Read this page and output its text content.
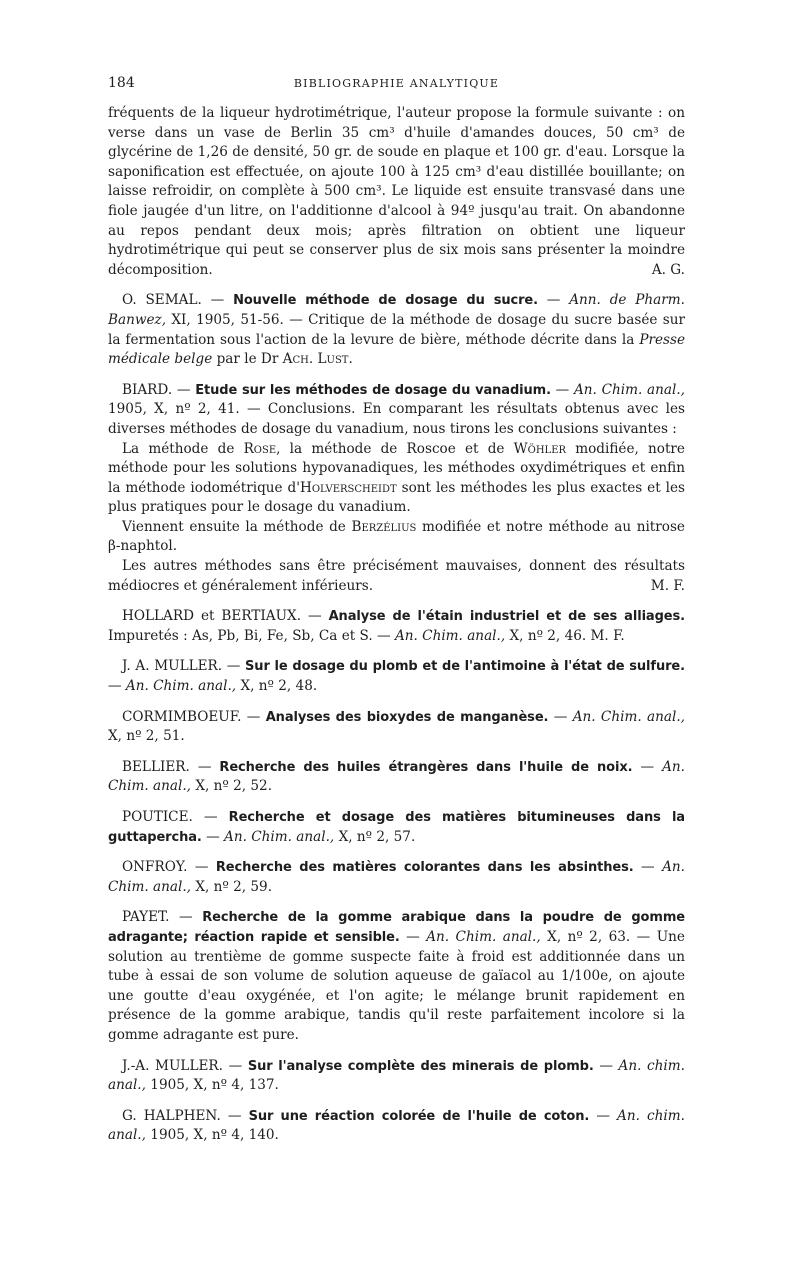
184	BIBLIOGRAPHIE ANALYTIQUE

fréquents de la liqueur hydrotimétrique, l'auteur propose la formule suivante : on verse dans un vase de Berlin 35 cm³ d'huile d'amandes douces, 50 cm³ de glycérine de 1,26 de densité, 50 gr. de soude en plaque et 100 gr. d'eau. Lorsque la saponification est effectuée, on ajoute 100 à 125 cm³ d'eau distillée bouillante; on laisse refroidir, on complète à 500 cm³. Le liquide est ensuite transvasé dans une fiole jaugée d'un litre, on l'additionne d'alcool à 94º jusqu'au trait. On abandonne au repos pendant deux mois; après filtration on obtient une liqueur hydrotimétrique qui peut se conserver plus de six mois sans présenter la moindre décomposition.	A. G.

O. SEMAL. — Nouvelle méthode de dosage du sucre. — Ann. de Pharm. Banwez, XI, 1905, 51-56. — Critique de la méthode de dosage du sucre basée sur la fermentation sous l'action de la levure de bière, méthode décrite dans la Presse médicale belge par le Dr Ach. Lust.

BIARD. — Etude sur les méthodes de dosage du vanadium. — An. Chim. anal., 1905, X, nº 2, 41. — Conclusions. En comparant les résultats obtenus avec les diverses méthodes de dosage du vanadium, nous tirons les conclusions suivantes :

La méthode de Rose, la méthode de Roscoe et de Wöhler modifiée, notre méthode pour les solutions hypovanadiques, les méthodes oxydimétriques et enfin la méthode iodométrique d'Holverscheidt sont les méthodes les plus exactes et les plus pratiques pour le dosage du vanadium.

Viennent ensuite la méthode de Berzélius modifiée et notre méthode au nitrose β-naphtol.

Les autres méthodes sans être précisément mauvaises, donnent des résultats médiocres et généralement inférieurs.	M. F.

HOLLARD et BERTIAUX. — Analyse de l'étain industriel et de ses alliages. Impuretés : As, Pb, Bi, Fe, Sb, Ca et S. — An. Chim. anal., X, nº 2, 46. M. F.

J. A. MULLER. — Sur le dosage du plomb et de l'antimoine à l'état de sulfure. — An. Chim. anal., X, nº 2, 48.

CORMIMBOEUF. — Analyses des bioxydes de manganèse. — An. Chim. anal., X, nº 2, 51.

BELLIER. — Recherche des huiles étrangères dans l'huile de noix. — An. Chim. anal., X, nº 2, 52.

POUTICE. — Recherche et dosage des matières bitumineuses dans la guttapercha. — An. Chim. anal., X, nº 2, 57.

ONFROY. — Recherche des matières colorantes dans les absinthes. — An. Chim. anal., X, nº 2, 59.

PAYET. — Recherche de la gomme arabique dans la poudre de gomme adragante; réaction rapide et sensible. — An. Chim. anal., X, nº 2, 63. — Une solution au trentième de gomme suspecte faite à froid est additionnée dans un tube à essai de son volume de solution aqueuse de gaïacol au 1/100e, on ajoute une goutte d'eau oxygénée, et l'on agite; le mélange brunit rapidement en présence de la gomme arabique, tandis qu'il reste parfaitement incolore si la gomme adragante est pure.

J.-A. MULLER. — Sur l'analyse complète des minerais de plomb. — An. chim. anal., 1905, X, nº 4, 137.

G. HALPHEN. — Sur une réaction colorée de l'huile de coton. — An. chim. anal., 1905, X, nº 4, 140.
